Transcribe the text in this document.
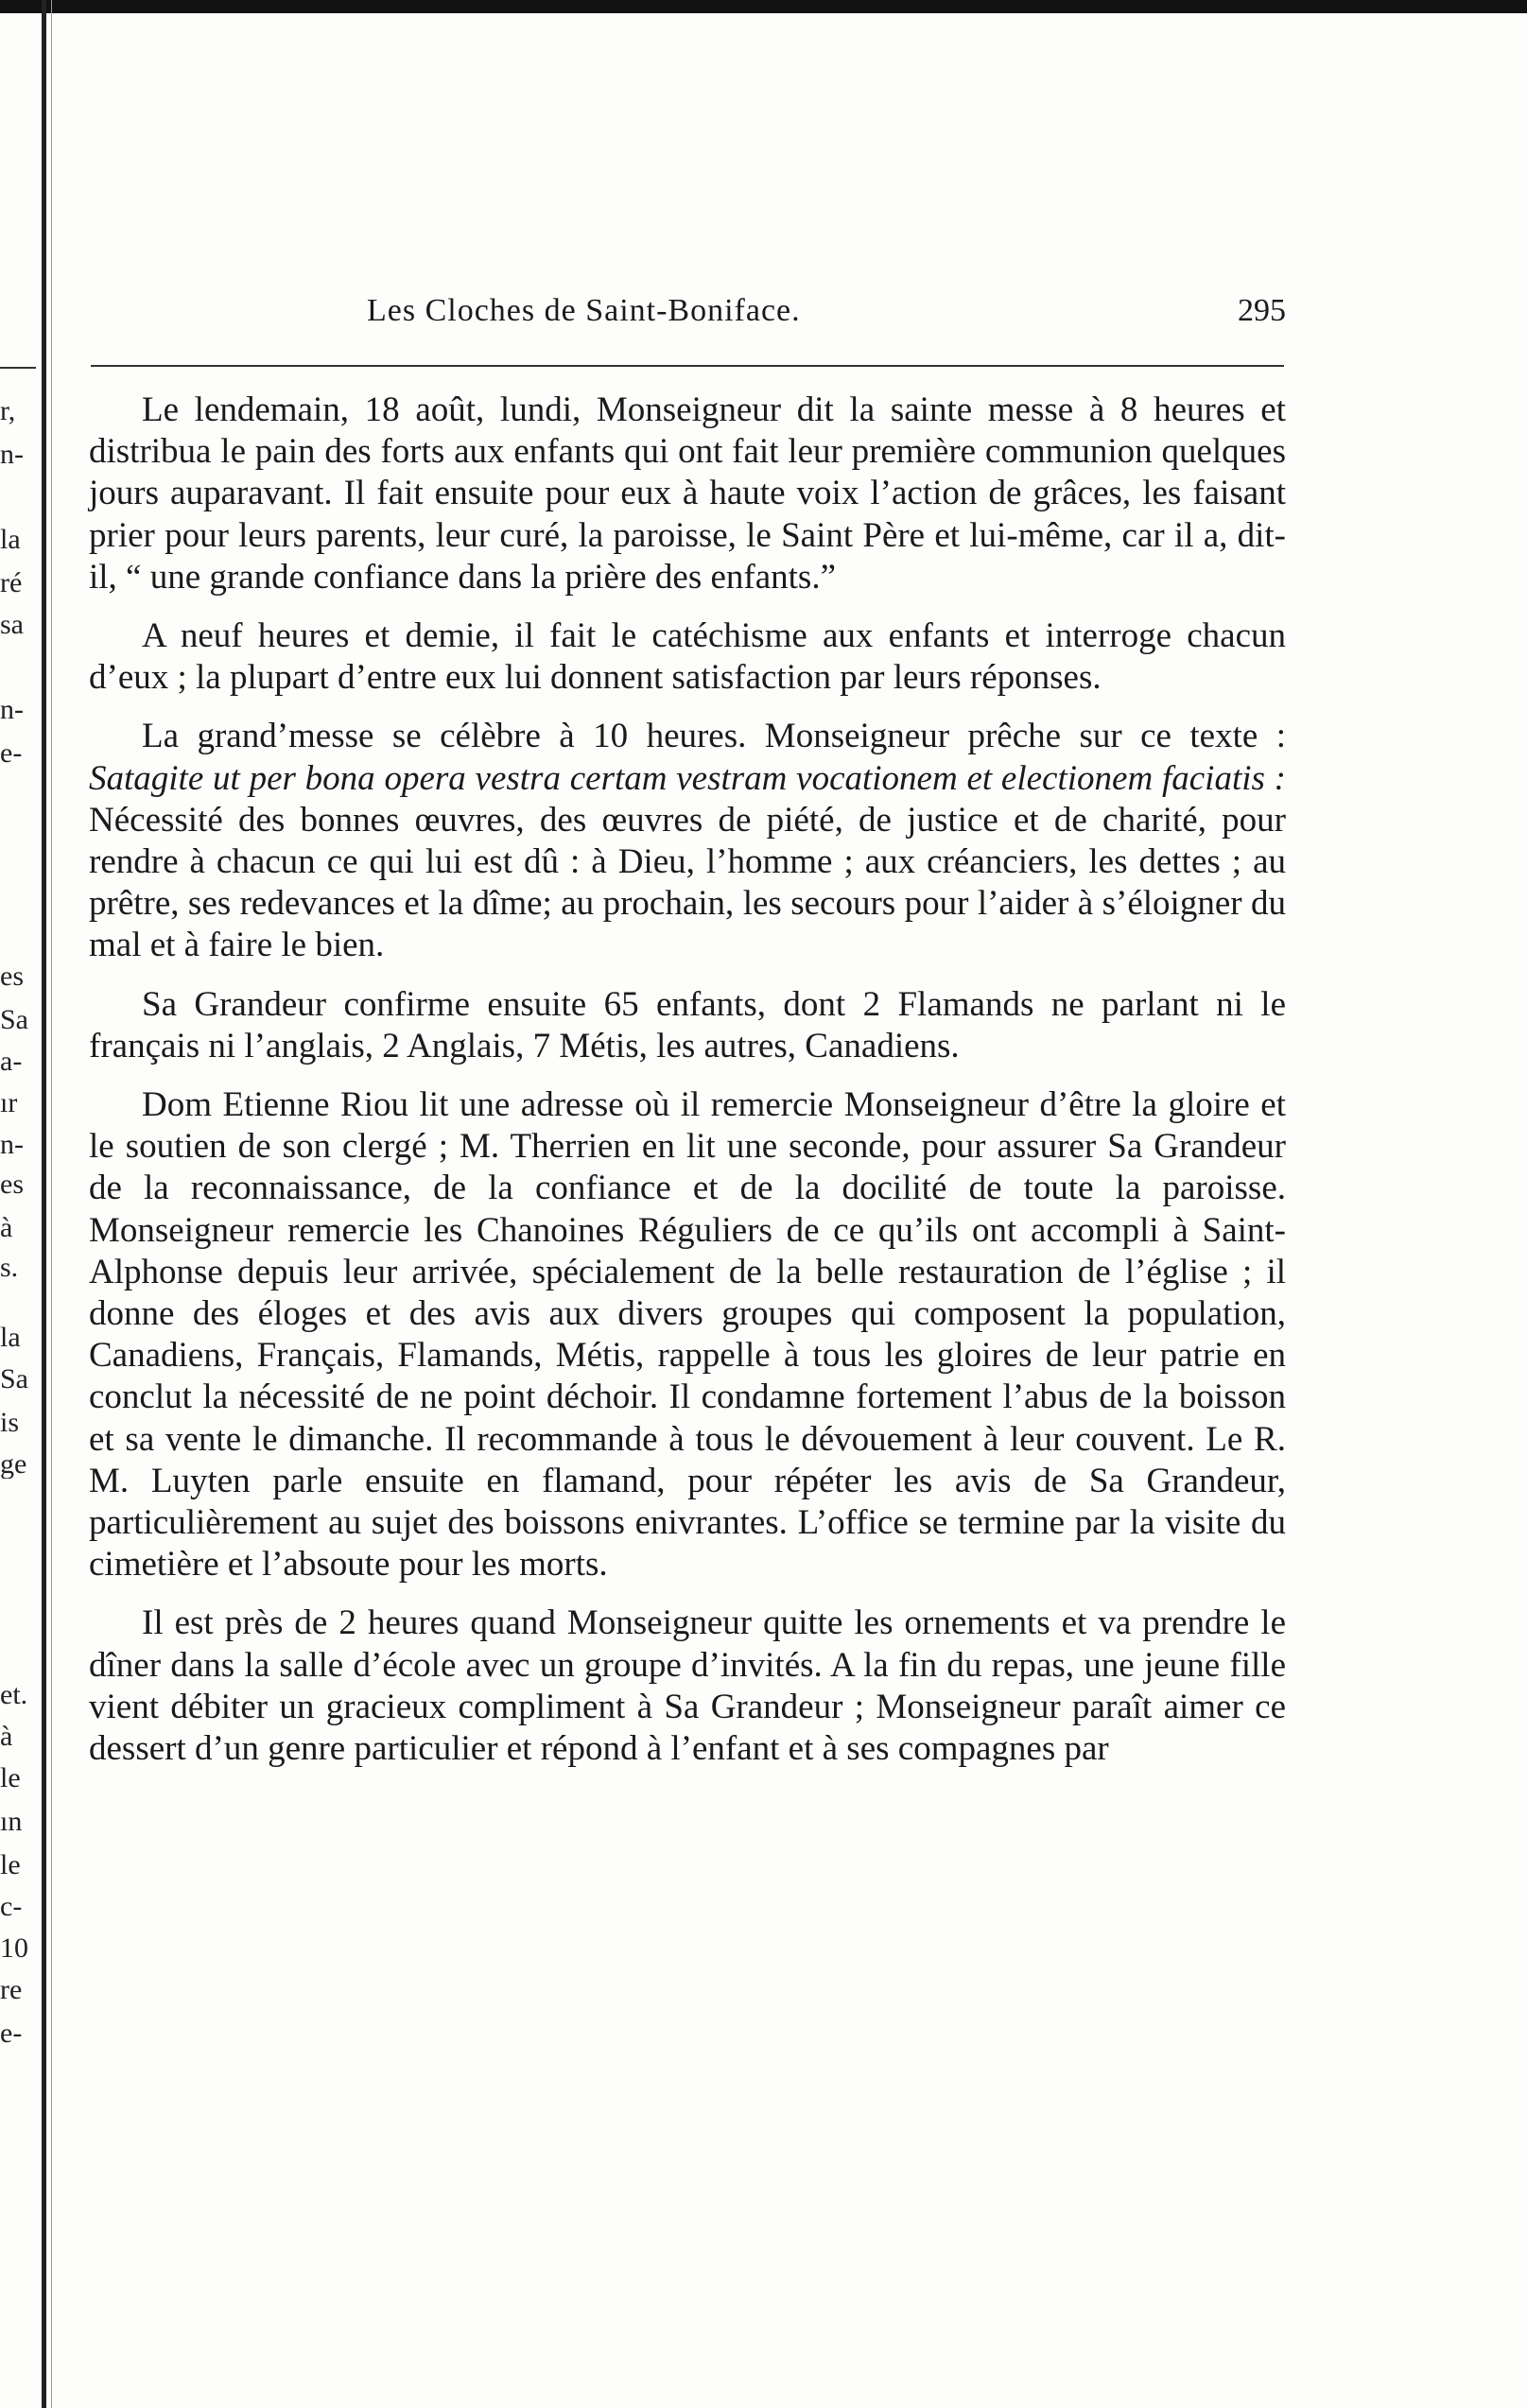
r,
n-
la
ré
sa
n-
e-
es
Sa
a-
ır
n-
es
à
s.
la
Sa
is
ge
et.
à
le
ın
le
c-
10
re
e-
Les Cloches de Saint-Boniface.	295

Le lendemain, 18 août, lundi, Monseigneur dit la sainte messe à 8 heures et distribua le pain des forts aux enfants qui ont fait leur première communion quelques jours auparavant. Il fait ensuite pour eux à haute voix l’action de grâces, les faisant prier pour leurs parents, leur curé, la paroisse, le Saint Père et lui-même, car il a, dit-il, “ une grande confiance dans la prière des enfants.”

A neuf heures et demie, il fait le catéchisme aux enfants et interroge chacun d’eux ; la plupart d’entre eux lui donnent satisfaction par leurs réponses.

La grand’messe se célèbre à 10 heures. Monseigneur prêche sur ce texte : Satagite ut per bona opera vestra certam vestram vocationem et electionem faciatis : Nécessité des bonnes œuvres, des œuvres de piété, de justice et de charité, pour rendre à chacun ce qui lui est dû : à Dieu, l’homme ; aux créanciers, les dettes ; au prêtre, ses redevances et la dîme; au prochain, les secours pour l’aider à s’éloigner du mal et à faire le bien.

Sa Grandeur confirme ensuite 65 enfants, dont 2 Flamands ne parlant ni le français ni l’anglais, 2 Anglais, 7 Métis, les autres, Canadiens.

Dom Etienne Riou lit une adresse où il remercie Monseigneur d’être la gloire et le soutien de son clergé ; M. Therrien en lit une seconde, pour assurer Sa Grandeur de la reconnaissance, de la confiance et de la docilité de toute la paroisse. Monseigneur remercie les Chanoines Réguliers de ce qu’ils ont accompli à Saint-Alphonse depuis leur arrivée, spécialement de la belle restauration de l’église ; il donne des éloges et des avis aux divers groupes qui composent la population, Canadiens, Français, Flamands, Métis, rappelle à tous les gloires de leur patrie en conclut la nécessité de ne point déchoir. Il condamne fortement l’abus de la boisson et sa vente le dimanche. Il recommande à tous le dévouement à leur couvent. Le R. M. Luyten parle ensuite en flamand, pour répéter les avis de Sa Grandeur, particulièrement au sujet des boissons enivrantes. L’office se termine par la visite du cimetière et l’absoute pour les morts.

Il est près de 2 heures quand Monseigneur quitte les ornements et va prendre le dîner dans la salle d’école avec un groupe d’invités. A la fin du repas, une jeune fille vient débiter un gracieux compliment à Sa Grandeur ; Monseigneur paraît aimer ce dessert d’un genre particulier et répond à l’enfant et à ses compagnes par
